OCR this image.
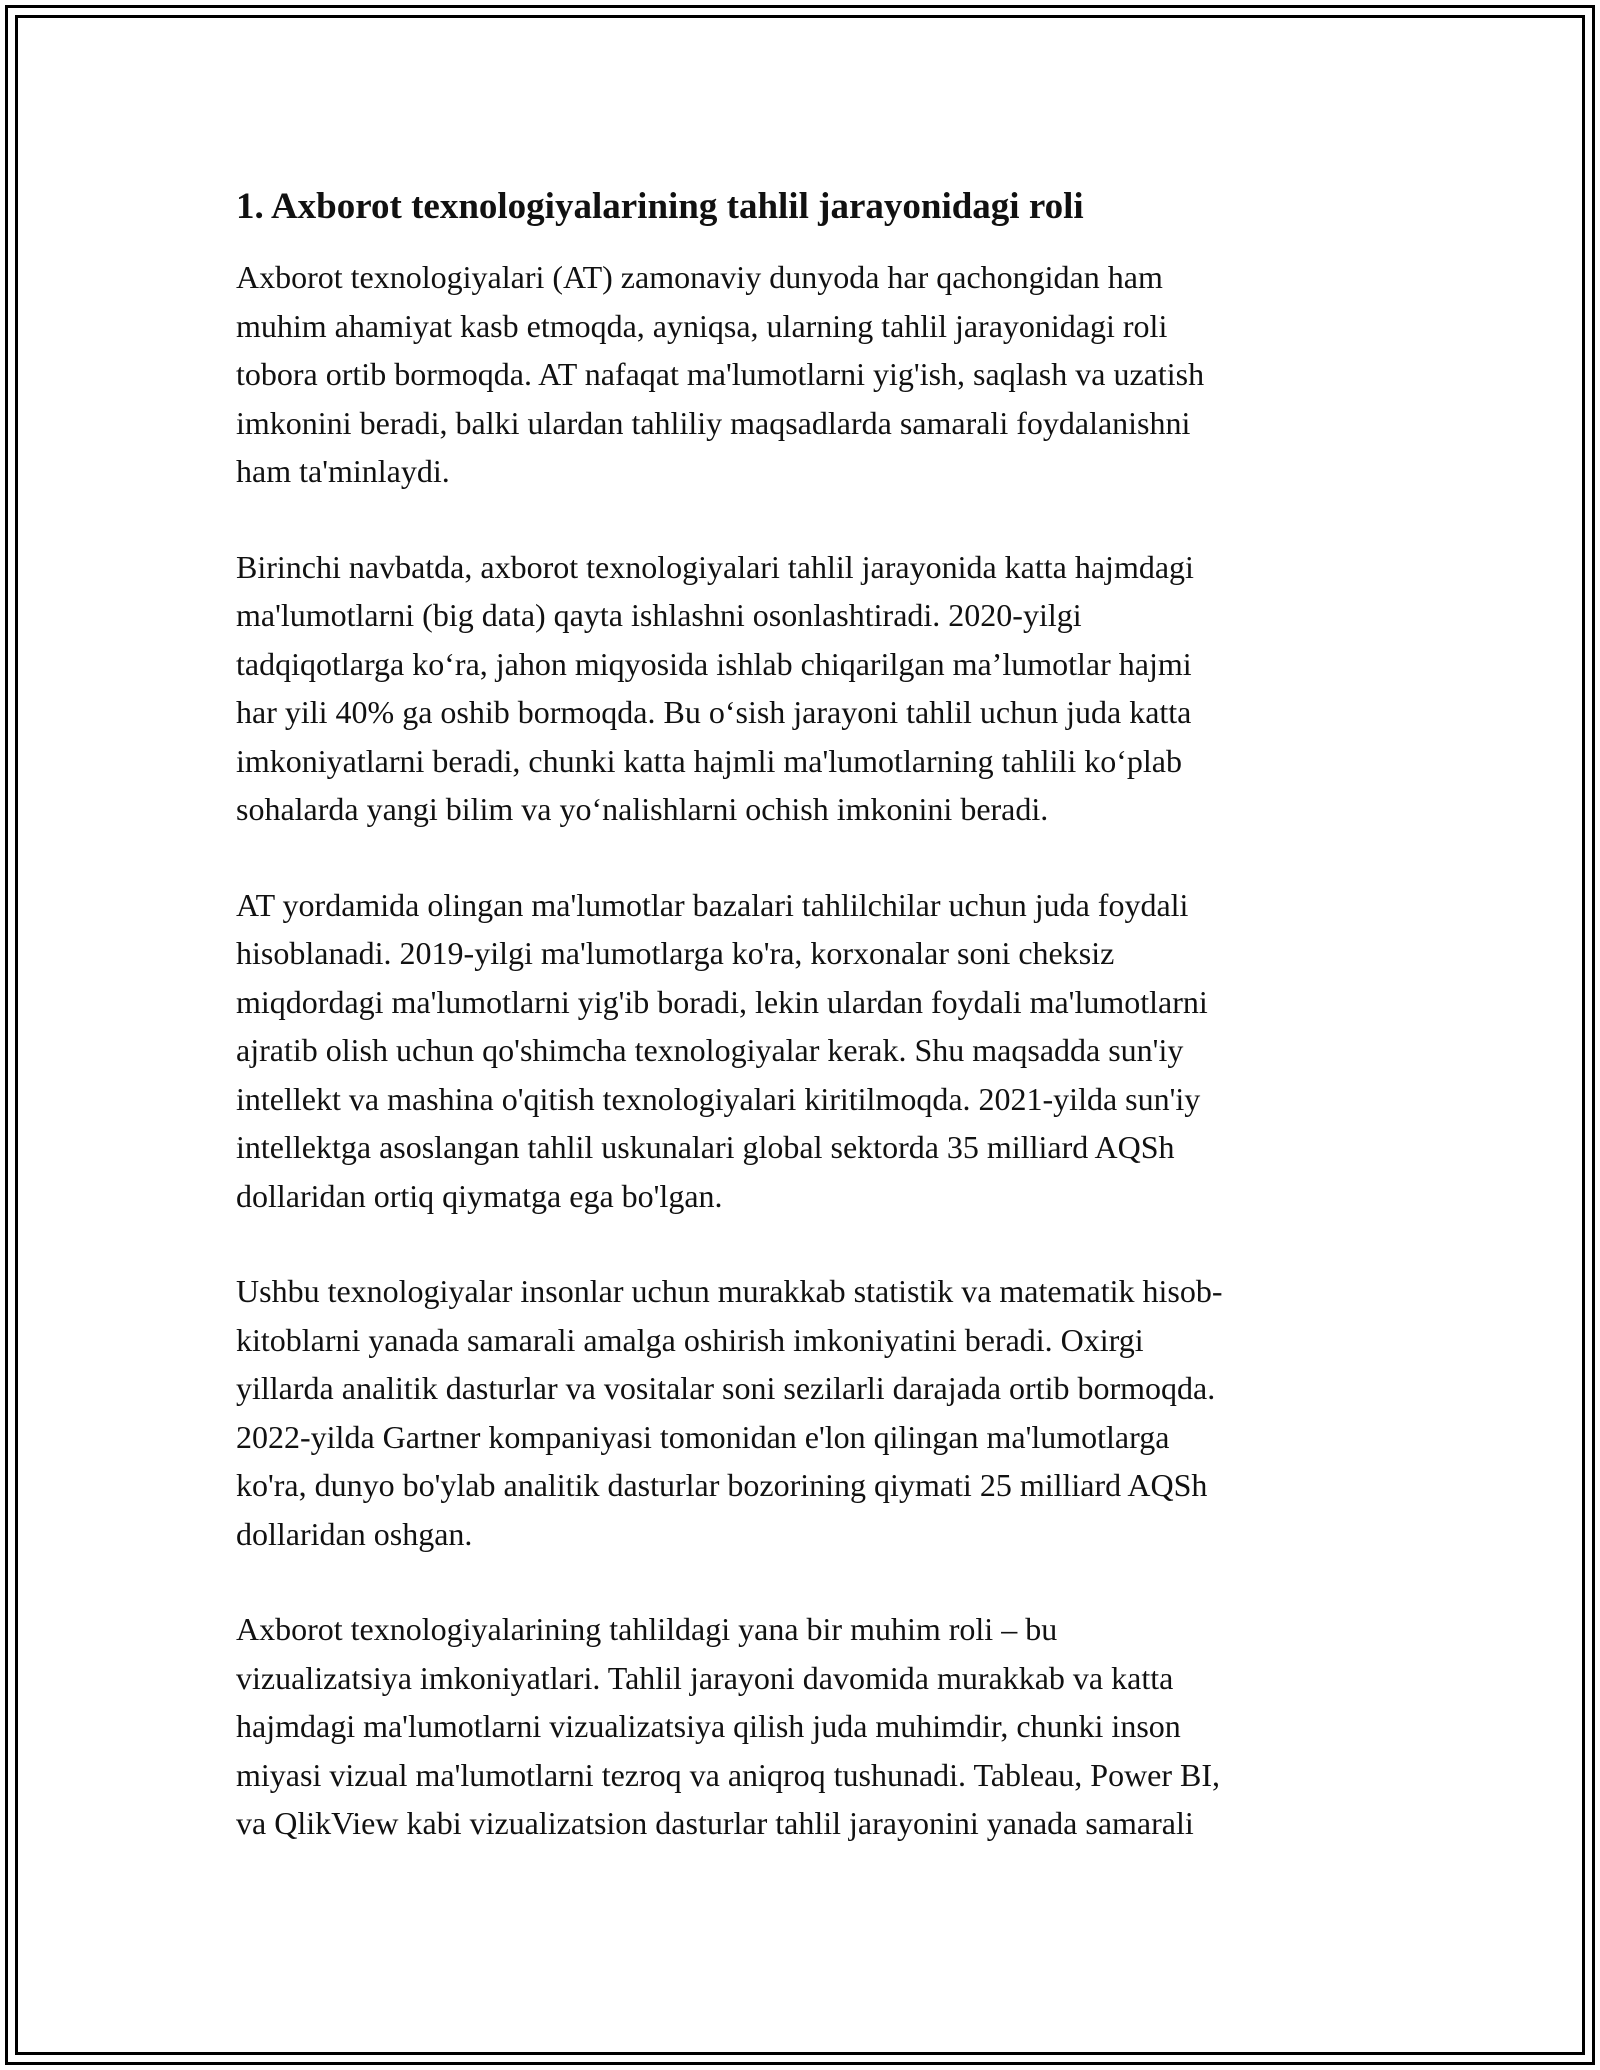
1. Axborot texnologiyalarining tahlil jarayonidagi roli

Axborot texnologiyalari (AT) zamonaviy dunyoda har qachongidan ham
muhim ahamiyat kasb etmoqda, ayniqsa, ularning tahlil jarayonidagi roli
tobora ortib bormoqda. AT nafaqat ma'lumotlarni yig'ish, saqlash va uzatish
imkonini beradi, balki ulardan tahliliy maqsadlarda samarali foydalanishni
ham ta'minlaydi.

Birinchi navbatda, axborot texnologiyalari tahlil jarayonida katta hajmdagi
ma'lumotlarni (big data) qayta ishlashni osonlashtiradi. 2020-yilgi
tadqiqotlarga koʻra, jahon miqyosida ishlab chiqarilgan maʼlumotlar hajmi
har yili 40% ga oshib bormoqda. Bu oʻsish jarayoni tahlil uchun juda katta
imkoniyatlarni beradi, chunki katta hajmli ma'lumotlarning tahlili koʻplab
sohalarda yangi bilim va yoʻnalishlarni ochish imkonini beradi.

AT yordamida olingan ma'lumotlar bazalari tahlilchilar uchun juda foydali
hisoblanadi. 2019-yilgi ma'lumotlarga ko'ra, korxonalar soni cheksiz
miqdordagi ma'lumotlarni yig'ib boradi, lekin ulardan foydali ma'lumotlarni
ajratib olish uchun qo'shimcha texnologiyalar kerak. Shu maqsadda sun'iy
intellekt va mashina o'qitish texnologiyalari kiritilmoqda. 2021-yilda sun'iy
intellektga asoslangan tahlil uskunalari global sektorda 35 milliard AQSh
dollaridan ortiq qiymatga ega bo'lgan.

Ushbu texnologiyalar insonlar uchun murakkab statistik va matematik hisob-
kitoblarni yanada samarali amalga oshirish imkoniyatini beradi. Oxirgi
yillarda analitik dasturlar va vositalar soni sezilarli darajada ortib bormoqda.
2022-yilda Gartner kompaniyasi tomonidan e'lon qilingan ma'lumotlarga
ko'ra, dunyo bo'ylab analitik dasturlar bozorining qiymati 25 milliard AQSh
dollaridan oshgan.

Axborot texnologiyalarining tahlildagi yana bir muhim roli – bu
vizualizatsiya imkoniyatlari. Tahlil jarayoni davomida murakkab va katta
hajmdagi ma'lumotlarni vizualizatsiya qilish juda muhimdir, chunki inson
miyasi vizual ma'lumotlarni tezroq va aniqroq tushunadi. Tableau, Power BI,
va QlikView kabi vizualizatsion dasturlar tahlil jarayonini yanada samarali
